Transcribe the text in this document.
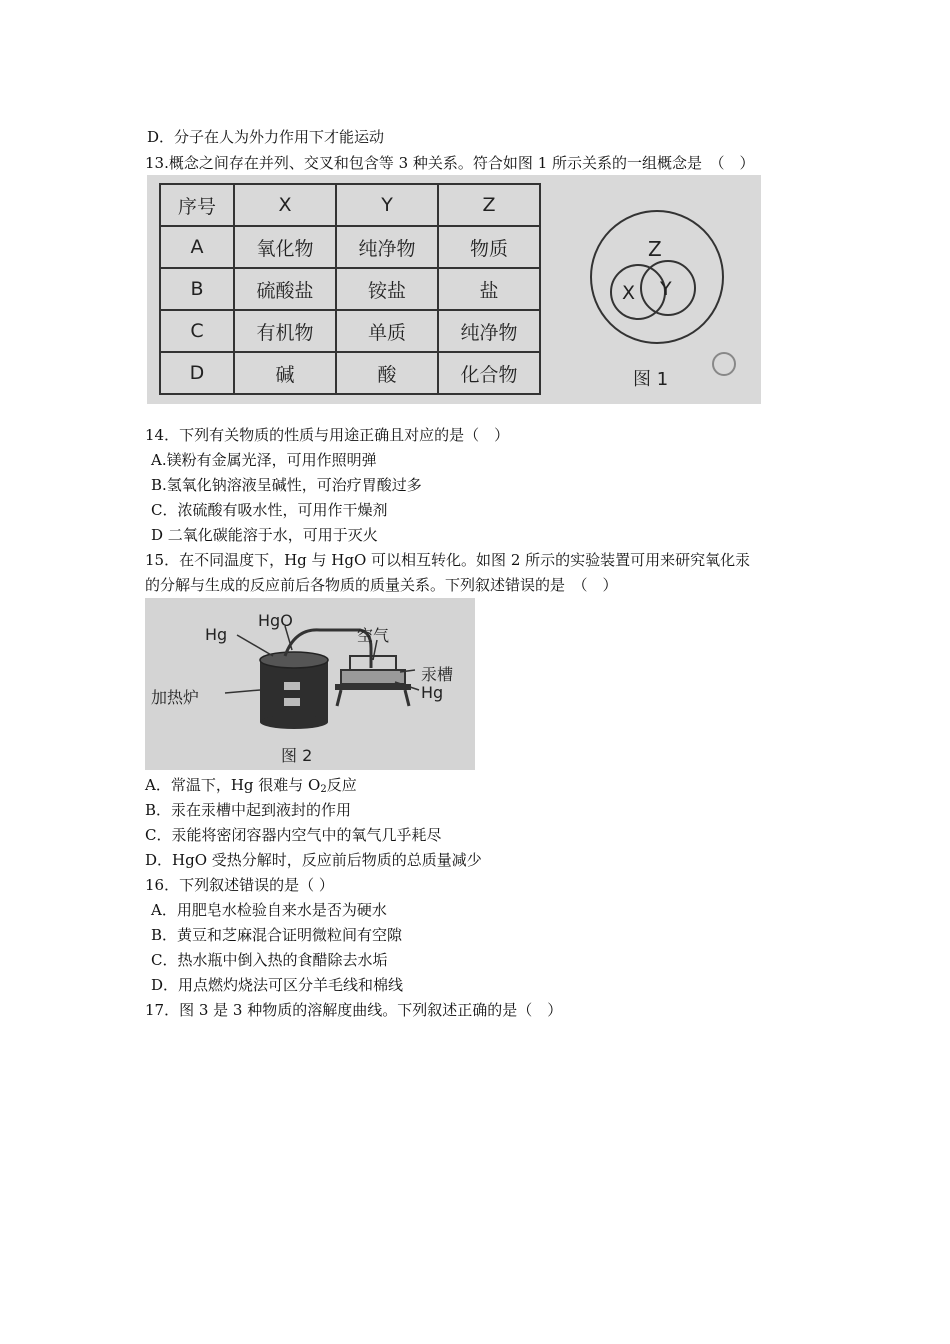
D．分子在人为外力作用下才能运动
13.概念之间存在并列、交叉和包含等 3 种关系。符合如图 1 所示关系的一组概念是　（　）
序号	X	Y	Z
A	氧化物	纯净物	物质
B	硫酸盐	铵盐	盐
C	有机物	单质	纯净物
D	碱	酸	化合物
Z
X Y
图 1
14．下列有关物质的性质与用途正确且对应的是（　）
A.镁粉有金属光泽，可用作照明弹
B.氢氧化钠溶液呈碱性，可治疗胃酸过多
C．浓硫酸有吸水性，可用作干燥剂
D 二氧化碳能溶于水，可用于灭火
15．在不同温度下，Hg 与 HgO 可以相互转化。如图 2 所示的实验装置可用来研究氧化汞
的分解与生成的反应前后各物质的质量关系。下列叙述错误的是　（　）
Hg
HgO
空气
汞槽
Hg
加热炉
图 2
A．常温下，Hg 很难与 $O_2$反应
B．汞在汞槽中起到液封的作用
C．汞能将密闭容器内空气中的氧气几乎耗尽
D．HgO 受热分解时，反应前后物质的总质量减少
16．下列叙述错误的是（ ）
A．用肥皂水检验自来水是否为硬水
B．黄豆和芝麻混合证明微粒间有空隙
C．热水瓶中倒入热的食醋除去水垢
D．用点燃灼烧法可区分羊毛线和棉线
17．图 3 是 3 种物质的溶解度曲线。下列叙述正确的是（　）
